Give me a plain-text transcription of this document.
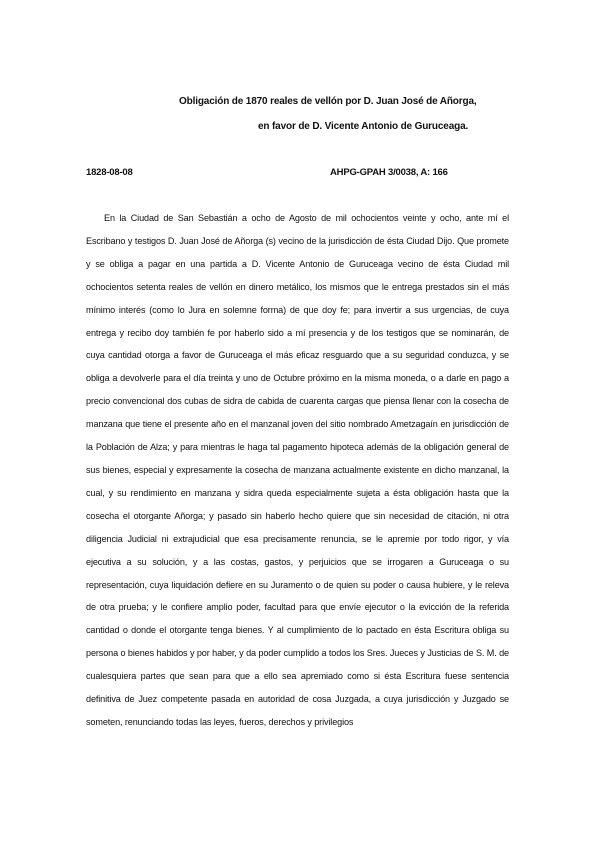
Obligación de 1870 reales de vellón por D. Juan José de Añorga,
en favor de D. Vicente Antonio de Guruceaga.
1828-08-08	AHPG-GPAH 3/0038, A: 166

En la Ciudad de San Sebastián a ocho de Agosto de mil ochocientos veinte y ocho, ante mí el Escribano y testigos D. Juan José de Añorga (s) vecino de la jurisdicción de ésta Ciudad Dijo. Que promete y se obliga a pagar en una partida a D. Vicente Antonio de Guruceaga vecino de ésta Ciudad mil ochocientos setenta reales de vellón en dinero metálico, los mismos que le entrega prestados sin el más mínimo interés (como lo Jura en solemne forma) de que doy fe; para invertir a sus urgencias, de cuya entrega y recibo doy también fe por haberlo sido a mí presencia y de los testigos que se nominarán, de cuya cantidad otorga a favor de Guruceaga el más eficaz resguardo que a su seguridad conduzca, y se obliga a devolverle para el día treinta y uno de Octubre próximo en la misma moneda, o a darle en pago a precio convencional dos cubas de sidra de cabida de cuarenta cargas que piensa llenar con la cosecha de manzana que tiene el presente año en el manzanal joven del sitio nombrado Ametzagaín en jurisdicción de la Población de Alza; y para mientras le haga tal pagamento hipoteca además de la obligación general de sus bienes, especial y expresamente la cosecha de manzana actualmente existente en dicho manzanal, la cual, y su rendimiento en manzana y sidra queda especialmente sujeta a ésta obligación hasta que la cosecha el otorgante Añorga; y pasado sin haberlo hecho quiere que sin necesidad de citación, ni otra diligencia Judicial ni extrajudicial que esa precisamente renuncia, se le apremie por todo rigor, y vía ejecutiva a su solución, y a las costas, gastos, y perjuicios que se irrogaren a Guruceaga o su representación, cuya liquidación defiere en su Juramento o de quien su poder o causa hubiere, y le releva de otra prueba; y le confiere amplio poder, facultad para que envíe ejecutor o la evicción de la referida cantidad o donde el otorgante tenga bienes. Y al cumplimiento de lo pactado en ésta Escritura obliga su persona o bienes habidos y por haber, y da poder cumplido a todos los Sres. Jueces y Justicias de S. M. de cualesquiera partes que sean para que a ello sea apremiado como si ésta Escritura fuese sentencia definitiva de Juez competente pasada en autoridad de cosa Juzgada, a cuya jurisdicción y Juzgado se someten, renunciando todas las leyes, fueros, derechos y privilegios
